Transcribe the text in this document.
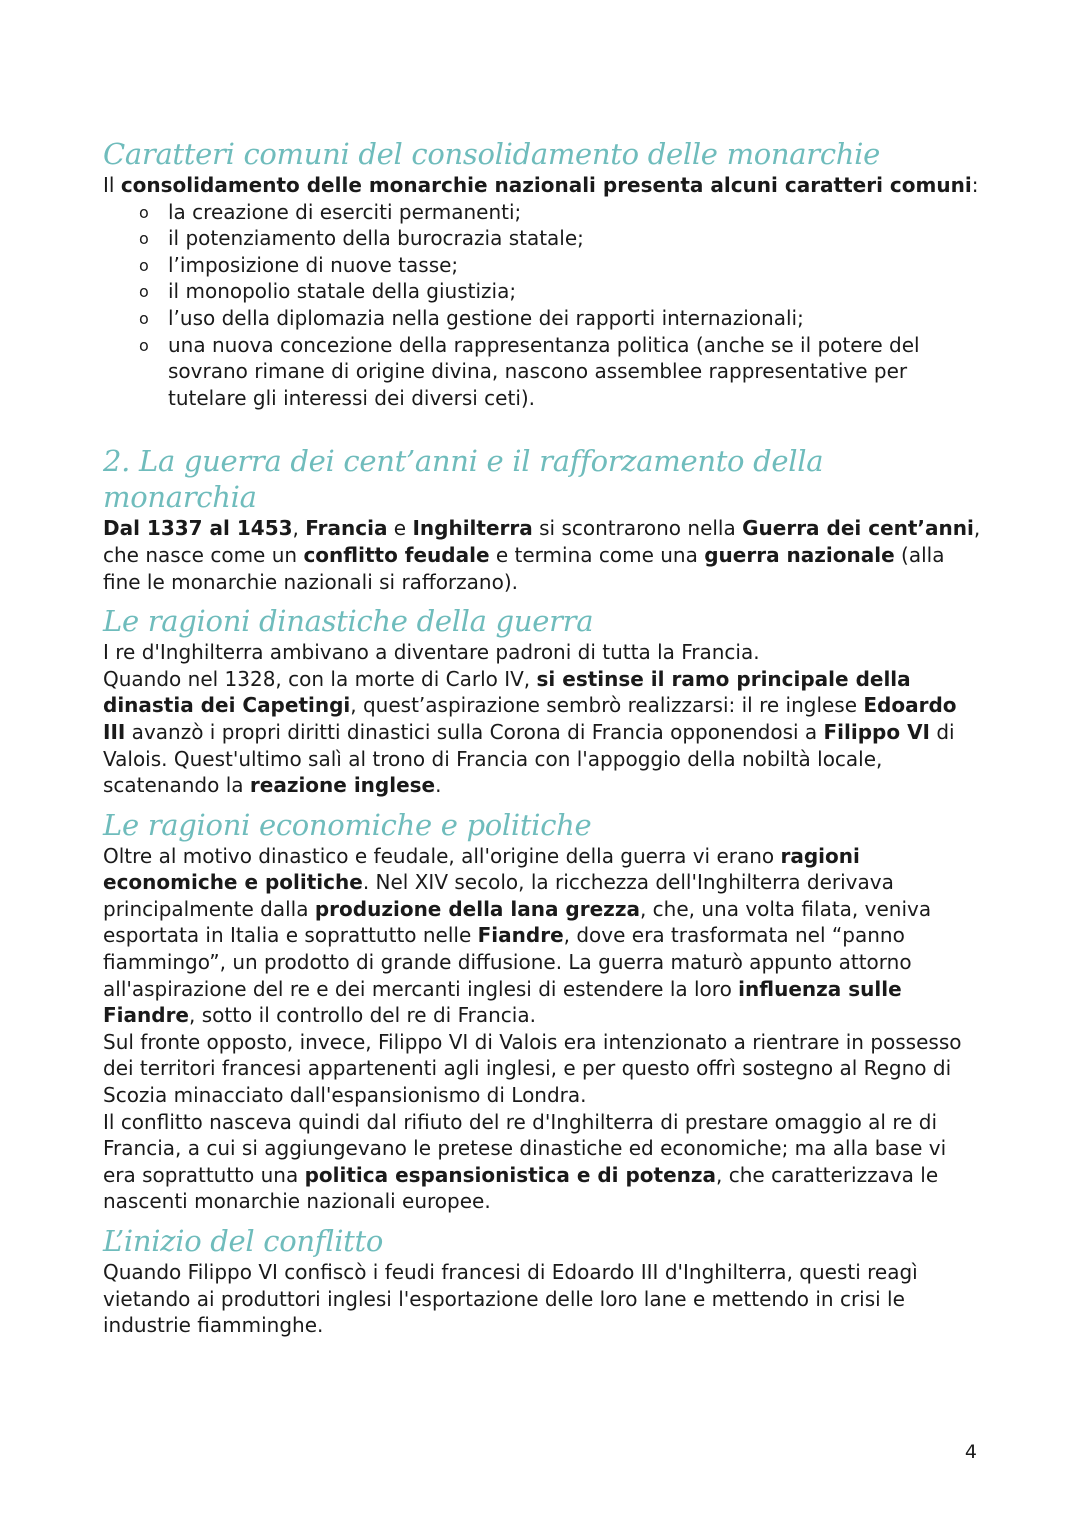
Caratteri comuni del consolidamento delle monarchie

Il consolidamento delle monarchie nazionali presenta alcuni caratteri comuni:

o la creazione di eserciti permanenti;
o il potenziamento della burocrazia statale;
o l’imposizione di nuove tasse;
o il monopolio statale della giustizia;
o l’uso della diplomazia nella gestione dei rapporti internazionali;
o una nuova concezione della rappresentanza politica (anche se il potere del sovrano rimane di origine divina, nascono assemblee rappresentative per tutelare gli interessi dei diversi ceti).
2. La guerra dei cent’anni e il rafforzamento della monarchia

Dal 1337 al 1453, Francia e Inghilterra si scontrarono nella Guerra dei cent’anni, che nasce come un conflitto feudale e termina come una guerra nazionale (alla fine le monarchie nazionali si rafforzano).

Le ragioni dinastiche della guerra

I re d'Inghilterra ambivano a diventare padroni di tutta la Francia.
Quando nel 1328, con la morte di Carlo IV, si estinse il ramo principale della dinastia dei Capetingi, quest’aspirazione sembrò realizzarsi: il re inglese Edoardo III avanzò i propri diritti dinastici sulla Corona di Francia opponendosi a Filippo VI di Valois. Quest'ultimo salì al trono di Francia con l'appoggio della nobiltà locale, scatenando la reazione inglese.

Le ragioni economiche e politiche

Oltre al motivo dinastico e feudale, all'origine della guerra vi erano ragioni economiche e politiche. Nel XIV secolo, la ricchezza dell'Inghilterra derivava principalmente dalla produzione della lana grezza, che, una volta filata, veniva esportata in Italia e soprattutto nelle Fiandre, dove era trasformata nel “panno fiammingo”, un prodotto di grande diffusione. La guerra maturò appunto attorno all'aspirazione del re e dei mercanti inglesi di estendere la loro influenza sulle Fiandre, sotto il controllo del re di Francia.
Sul fronte opposto, invece, Filippo VI di Valois era intenzionato a rientrare in possesso dei territori francesi appartenenti agli inglesi, e per questo offrì sostegno al Regno di Scozia minacciato dall'espansionismo di Londra.
Il conflitto nasceva quindi dal rifiuto del re d'Inghilterra di prestare omaggio al re di Francia, a cui si aggiungevano le pretese dinastiche ed economiche; ma alla base vi era soprattutto una politica espansionistica e di potenza, che caratterizzava le nascenti monarchie nazionali europee.

L’inizio del conflitto

Quando Filippo VI confiscò i feudi francesi di Edoardo III d'Inghilterra, questi reagì vietando ai produttori inglesi l'esportazione delle loro lane e mettendo in crisi le industrie fiamminghe.

4
